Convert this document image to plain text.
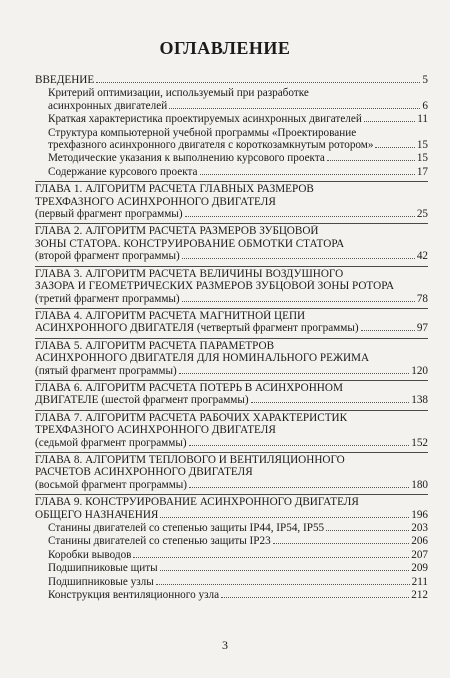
ОГЛАВЛЕНИЕ
ВВЕДЕНИЕ	5
Критерий оптимизации, используемый при разработке
асинхронных двигателей	6
Краткая характеристика проектируемых асинхронных двигателей	11
Структура компьютерной учебной программы «Проектирование
трехфазного асинхронного двигателя с короткозамкнутым ротором»	15
Методические указания к выполнению курсового проекта	15
Содержание курсового проекта	17
ГЛАВА 1. АЛГОРИТМ РАСЧЕТА ГЛАВНЫХ РАЗМЕРОВ
ТРЕХФАЗНОГО АСИНХРОННОГО ДВИГАТЕЛЯ
(первый фрагмент программы)	25
ГЛАВА 2. АЛГОРИТМ РАСЧЕТА РАЗМЕРОВ ЗУБЦОВОЙ
ЗОНЫ СТАТОРА. КОНСТРУИРОВАНИЕ ОБМОТКИ СТАТОРА
(второй фрагмент программы)	42
ГЛАВА 3. АЛГОРИТМ РАСЧЕТА ВЕЛИЧИНЫ ВОЗДУШНОГО
ЗАЗОРА И ГЕОМЕТРИЧЕСКИХ РАЗМЕРОВ ЗУБЦОВОЙ ЗОНЫ РОТОРА
(третий фрагмент программы)	78
ГЛАВА 4. АЛГОРИТМ РАСЧЕТА МАГНИТНОЙ ЦЕПИ
АСИНХРОННОГО ДВИГАТЕЛЯ (четвертый фрагмент программы)	97
ГЛАВА 5. АЛГОРИТМ РАСЧЕТА ПАРАМЕТРОВ
АСИНХРОННОГО ДВИГАТЕЛЯ ДЛЯ НОМИНАЛЬНОГО РЕЖИМА
(пятый фрагмент программы)	120
ГЛАВА 6. АЛГОРИТМ РАСЧЕТА ПОТЕРЬ В АСИНХРОННОМ
ДВИГАТЕЛЕ (шестой фрагмент программы)	138
ГЛАВА 7. АЛГОРИТМ РАСЧЕТА РАБОЧИХ ХАРАКТЕРИСТИК
ТРЕХФАЗНОГО АСИНХРОННОГО ДВИГАТЕЛЯ
(седьмой фрагмент программы)	152
ГЛАВА 8. АЛГОРИТМ ТЕПЛОВОГО И ВЕНТИЛЯЦИОННОГО
РАСЧЕТОВ АСИНХРОННОГО ДВИГАТЕЛЯ
(восьмой фрагмент программы)	180
ГЛАВА 9. КОНСТРУИРОВАНИЕ АСИНХРОННОГО ДВИГАТЕЛЯ
ОБЩЕГО НАЗНАЧЕНИЯ	196
Станины двигателей со степенью защиты IP44, IP54, IP55	203
Станины двигателей со степенью защиты IP23	206
Коробки выводов	207
Подшипниковые щиты	209
Подшипниковые узлы	211
Конструкция вентиляционного узла	212
3
